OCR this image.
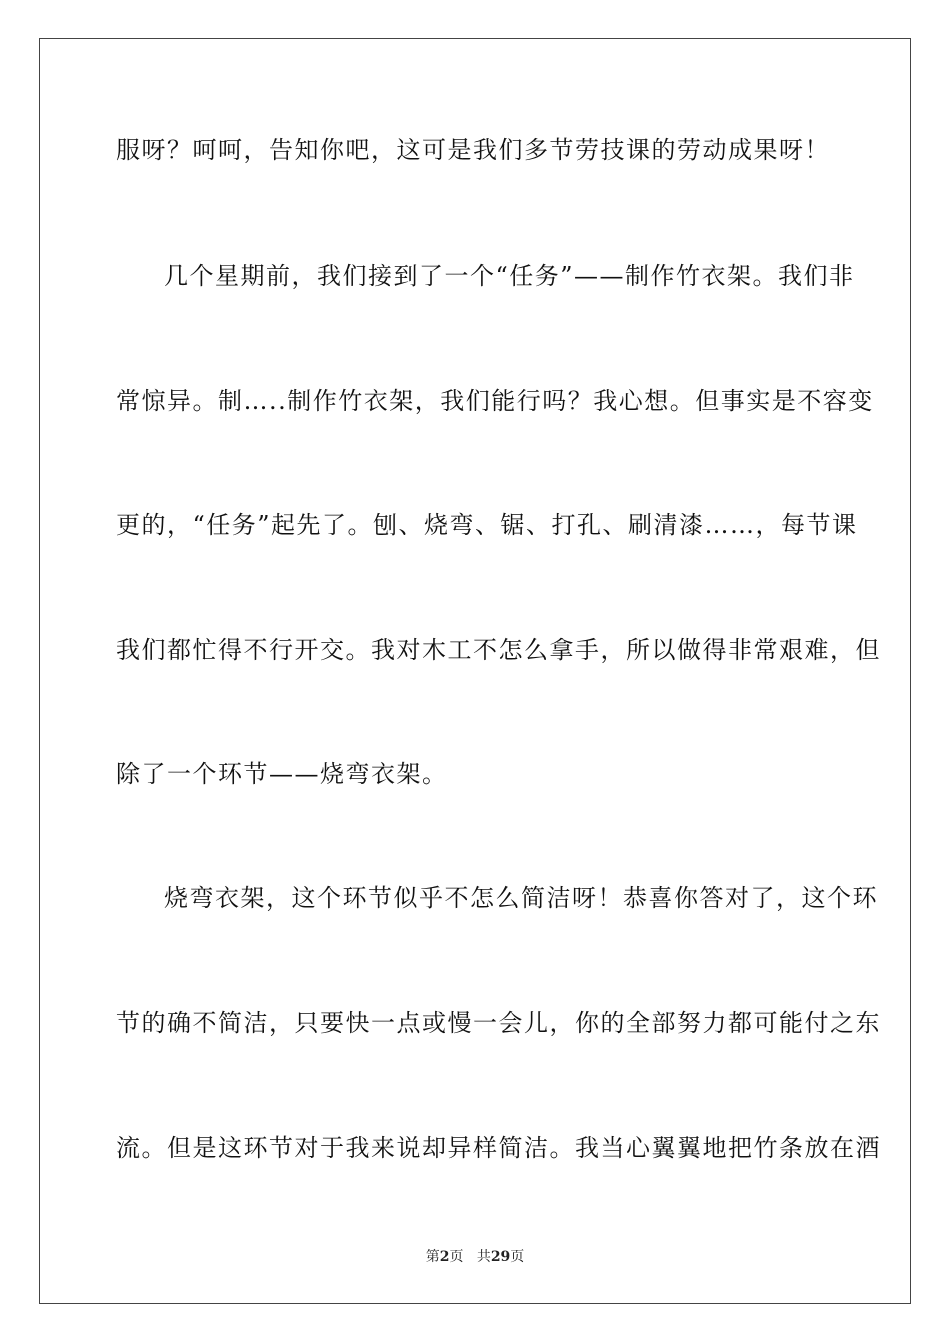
服呀？呵呵，告知你吧，这可是我们多节劳技课的劳动成果呀！
几个星期前，我们接到了一个“任务”——制作竹衣架。我们非
常惊异。制…..制作竹衣架，我们能行吗？我心想。但事实是不容变
更的，“任务”起先了。刨、烧弯、锯、打孔、刷清漆……，每节课
我们都忙得不行开交。我对木工不怎么拿手，所以做得非常艰难，但
除了一个环节——烧弯衣架。
烧弯衣架，这个环节似乎不怎么简洁呀！恭喜你答对了，这个环
节的确不简洁，只要快一点或慢一会儿，你的全部努力都可能付之东
流。但是这环节对于我来说却异样简洁。我当心翼翼地把竹条放在酒
第2页 共29页
